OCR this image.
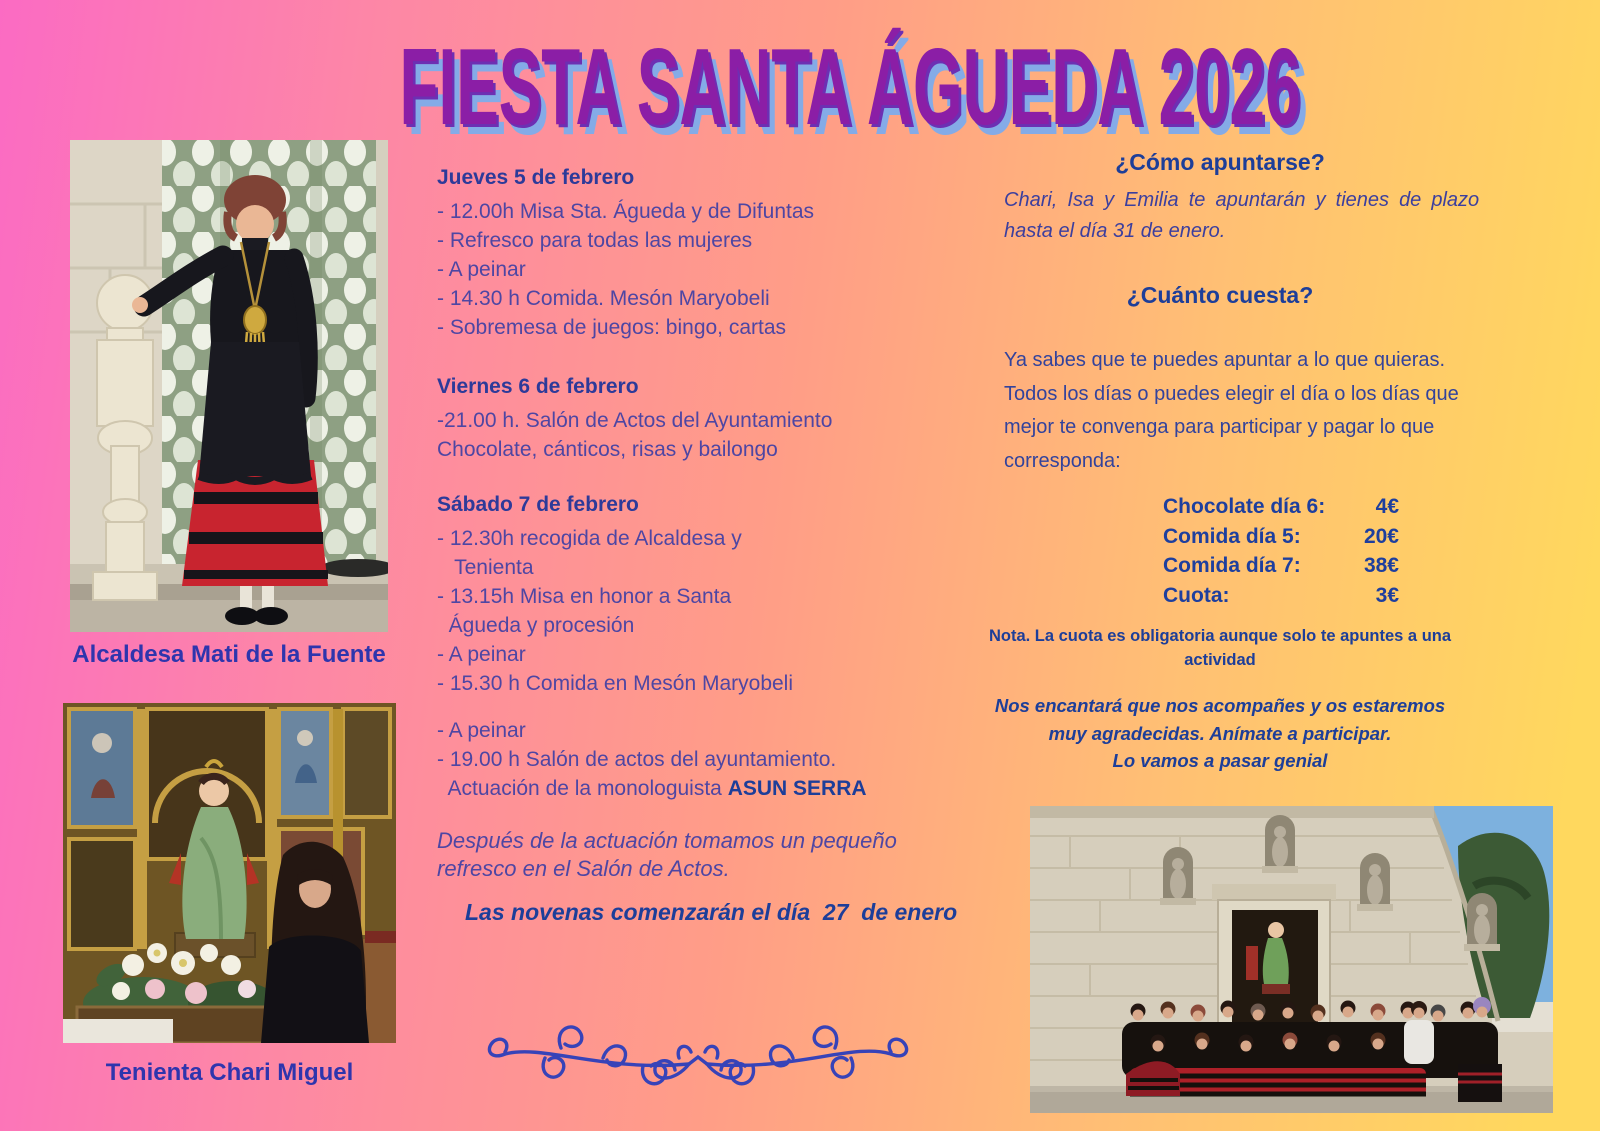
FIESTA SANTA ÁGUEDA 2026
Alcaldesa Mati de la Fuente
Tenienta Chari Miguel
Jueves 5 de febrero
- 12.00h Misa Sta. Águeda y de Difuntas
- Refresco para todas las mujeres
- A peinar
- 14.30 h Comida. Mesón Maryobeli
- Sobremesa de juegos: bingo, cartas
Viernes 6 de febrero
-21.00 h. Salón de Actos del Ayuntamiento
Chocolate, cánticos, risas y bailongo
Sábado 7 de febrero
- 12.30h recogida de Alcaldesa y
Tenienta
- 13.15h Misa en honor a Santa
Águeda y procesión
- A peinar
- 15.30 h Comida en Mesón Maryobeli
- A peinar
- 19.00 h Salón de actos del ayuntamiento.
Actuación de la monologuista ASUN SERRA
Después de la actuación tomamos un pequeño
refresco en el Salón de Actos.
Las novenas comenzarán el día  27  de enero
¿Cómo apuntarse?
Chari, Isa y Emilia te apuntarán y tienes de plazo
hasta el día 31 de enero.
¿Cuánto cuesta?
Ya sabes que te puedes apuntar a lo que quieras.
Todos los días o puedes elegir el día o los días que
mejor te convenga para participar y pagar lo que
corresponda:
Chocolate día 6: 4€
Comida día 5:	20€
Comida día 7:	38€
Cuota:	3€
Nota. La cuota es obligatoria aunque solo te apuntes a una
actividad
Nos encantará que nos acompañes y os estaremos
muy agradecidas. Anímate a participar.
Lo vamos a pasar genial
